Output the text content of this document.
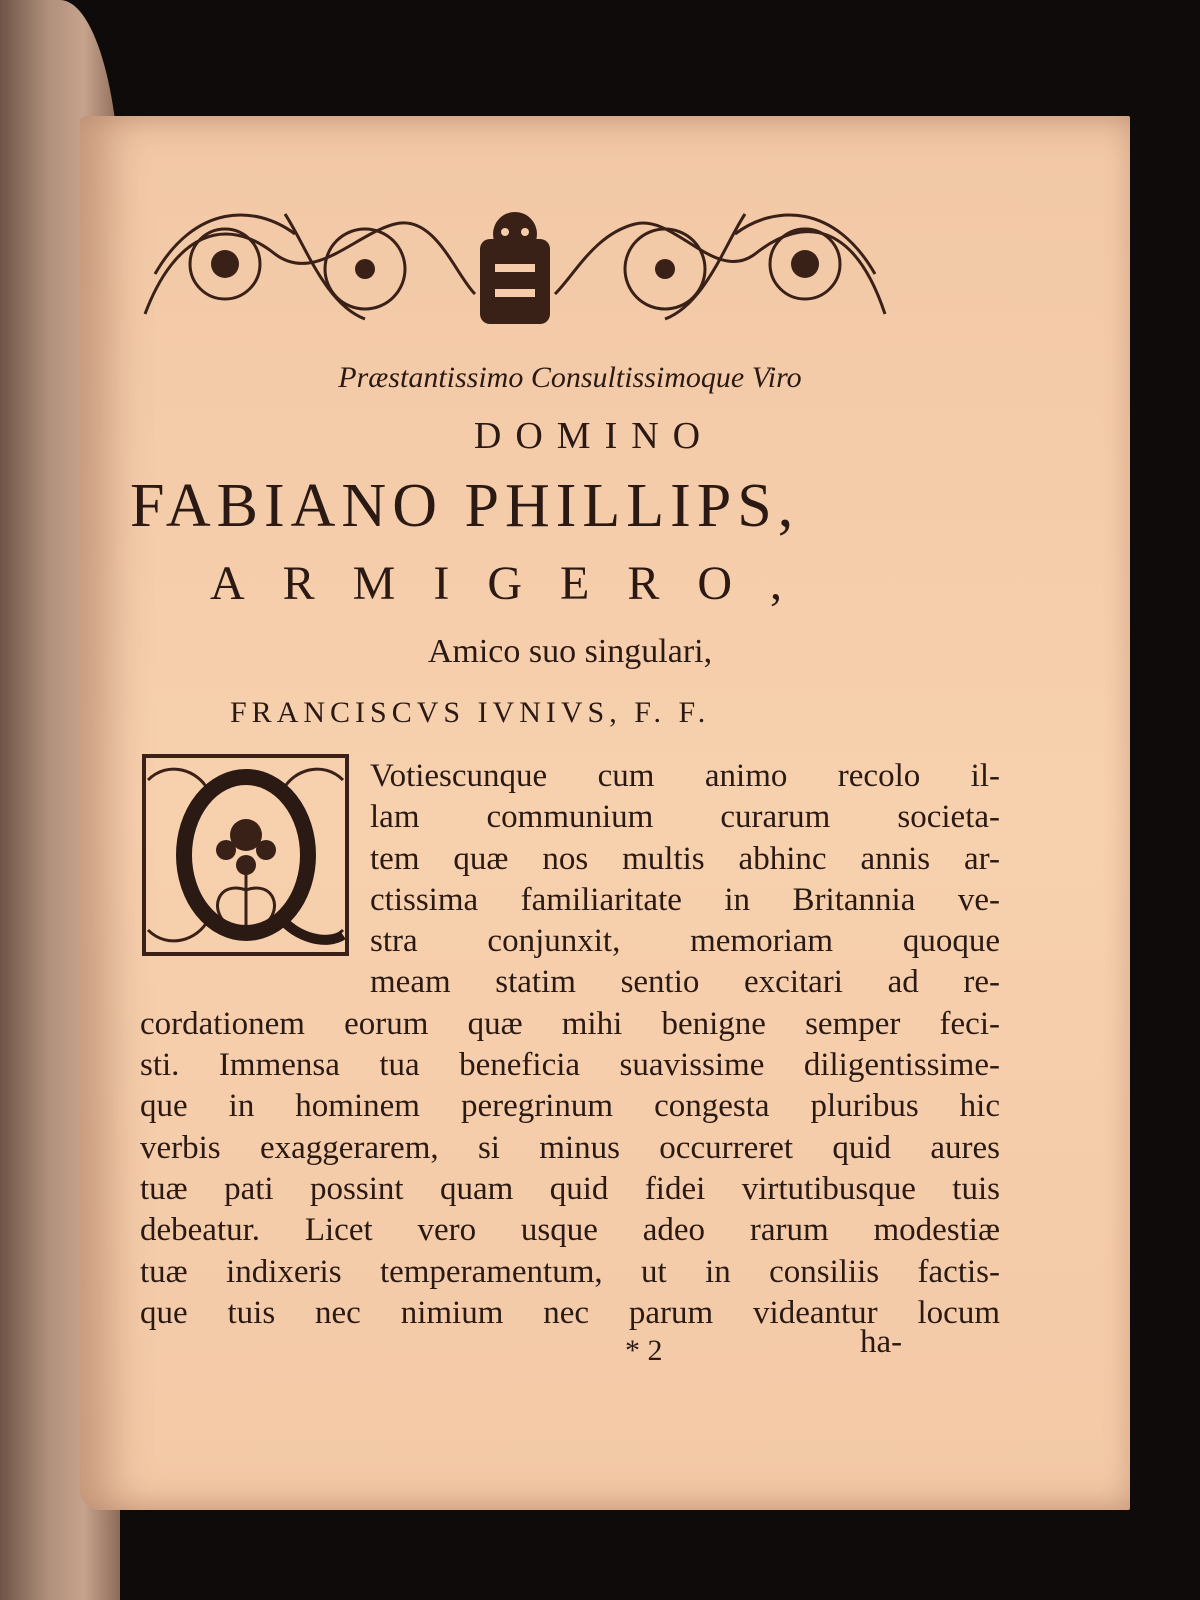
Præstantissimo Consultissimoque Viro
DOMINO
FABIANO PHILLIPS,
ARMIGERO,
Amico suo singulari,
FRANCISCVS IVNIVS, F. F.
Votiescunque cum animo recolo il-
lam communium curarum societa-
tem quæ nos multis abhinc annis ar-
ctissima familiaritate in Britannia ve-
stra conjunxit, memoriam quoque
meam statim sentio excitari ad re-
cordationem eorum quæ mihi benigne semper feci-
sti. Immensa tua beneficia suavissime diligentissime-
que in hominem peregrinum congesta pluribus hic
verbis exaggerarem, si minus occurreret quid aures
tuæ pati possint quam quid fidei virtutibusque tuis
debeatur. Licet vero usque adeo rarum modestiæ
tuæ indixeris temperamentum, ut in consiliis factis-
que tuis nec nimium nec parum videantur locum
* 2	ha-
